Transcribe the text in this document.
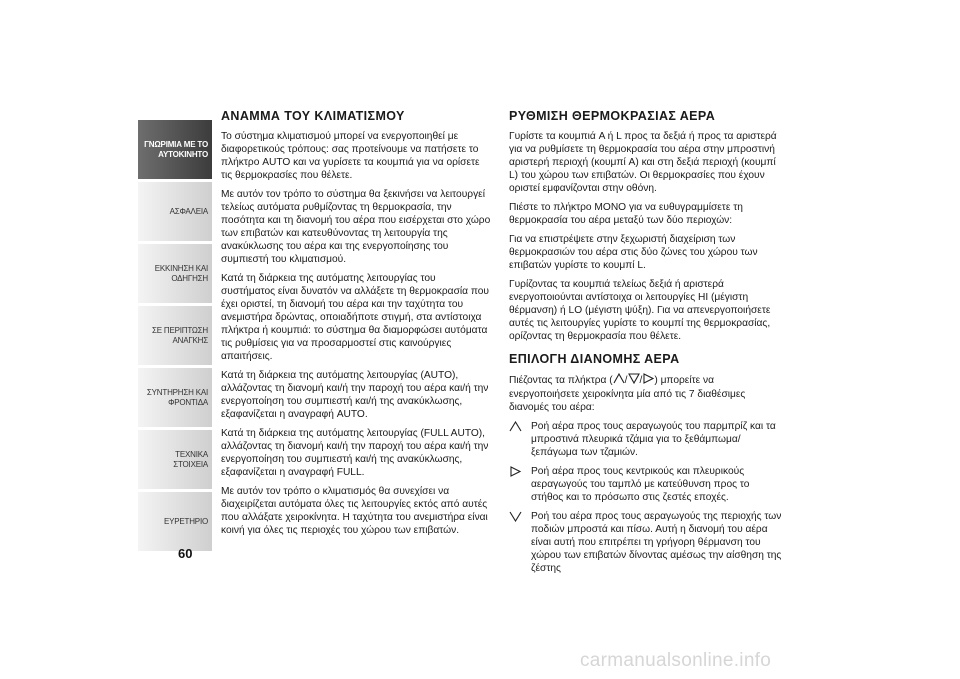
ΓΝΩΡΙΜΙΑ ΜΕ ΤΟ ΑΥΤΟΚΙΝΗΤΟ
ΑΣΦΑΛΕΙΑ
ΕΚΚΙΝΗΣΗ ΚΑΙ ΟΔΗΓΗΣΗ
ΣΕ ΠΕΡΙΠΤΩΣΗ ΑΝΑΓΚΗΣ
ΣΥΝΤΗΡΗΣΗ ΚΑΙ ΦΡΟΝΤΙΔΑ
ΤΕΧΝΙΚΑ ΣΤΟΙΧΕΙΑ
ΕΥΡΕΤΗΡΙΟ
60
ΑΝΑΜΜΑ ΤΟΥ ΚΛΙΜΑΤΙΣΜΟΥ

Το σύστημα κλιματισμού μπορεί να ενεργοποιηθεί με διαφορετικούς τρόπους: σας προτείνουμε να πατήσετε το πλήκτρο AUTO και να γυρίσετε τα κουμπιά για να ορίσετε τις θερμοκρασίες που θέλετε.

Με αυτόν τον τρόπο το σύστημα θα ξεκινήσει να λειτουργεί τελείως αυτόματα ρυθμίζοντας τη θερμοκρασία, την ποσότητα και τη διανομή του αέρα που εισέρχεται στο χώρο των επιβατών και κατευθύνοντας τη λειτουργία της ανακύκλωσης του αέρα και της ενεργοποίησης του συμπιεστή του κλιματισμού.

Κατά τη διάρκεια της αυτόματης λειτουργίας του συστήματος είναι δυνατόν να αλλάξετε τη θερμοκρασία που έχει οριστεί, τη διανομή του αέρα και την ταχύτητα του ανεμιστήρα δρώντας, οποιαδήποτε στιγμή, στα αντίστοιχα πλήκτρα ή κουμπιά: το σύστημα θα διαμορφώσει αυτόματα τις ρυθμίσεις για να προσαρμοστεί στις καινούργιες απαιτήσεις.

Κατά τη διάρκεια της αυτόματης λειτουργίας (AUTO), αλλάζοντας τη διανομή και/ή την παροχή του αέρα και/ή την ενεργοποίηση του συμπιεστή και/ή της ανακύκλωσης, εξαφανίζεται η αναγραφή AUTO.

Κατά τη διάρκεια της αυτόματης λειτουργίας (FULL AUTO), αλλάζοντας τη διανομή και/ή την παροχή του αέρα και/ή την ενεργοποίηση του συμπιεστή και/ή της ανακύκλωσης, εξαφανίζεται η αναγραφή FULL.

Με αυτόν τον τρόπο ο κλιματισμός θα συνεχίσει να διαχειρίζεται αυτόματα όλες τις λειτουργίες εκτός από αυτές που αλλάξατε χειροκίνητα. Η ταχύτητα του ανεμιστήρα είναι κοινή για όλες τις περιοχές του χώρου των επιβατών.

ΡΥΘΜΙΣΗ ΘΕΡΜΟΚΡΑΣΙΑΣ ΑΕΡΑ

Γυρίστε τα κουμπιά A ή L προς τα δεξιά ή προς τα αριστερά για να ρυθμίσετε τη θερμοκρασία του αέρα στην μπροστινή αριστερή περιοχή (κουμπί A) και στη δεξιά περιοχή (κουμπί L) του χώρου των επιβατών. Οι θερμοκρασίες που έχουν οριστεί εμφανίζονται στην οθόνη.

Πιέστε το πλήκτρο MONO για να ευθυγραμμίσετε τη θερμοκρασία του αέρα μεταξύ των δύο περιοχών:

Για να επιστρέψετε στην ξεχωριστή διαχείριση των θερμοκρασιών του αέρα στις δύο ζώνες του χώρου των επιβατών γυρίστε το κουμπί L.

Γυρίζοντας τα κουμπιά τελείως δεξιά ή αριστερά ενεργοποιούνται αντίστοιχα οι λειτουργίες HI (μέγιστη θέρμανση) ή LO (μέγιστη ψύξη). Για να απενεργοποιήσετε αυτές τις λειτουργίες γυρίστε το κουμπί της θερμοκρασίας, ορίζοντας τη θερμοκρασία που θέλετε.

ΕΠΙΛΟΓΗ ΔΙΑΝΟΜΗΣ ΑΕΡΑ

Πιέζοντας τα πλήκτρα ( / / ) μπορείτε να ενεργοποιήσετε χειροκίνητα μία από τις 7 διαθέσιμες διανομές του αέρα:

Ροή αέρα προς τους αεραγωγούς του παρμπρίζ και τα μπροστινά πλευρικά τζάμια για το ξεθάμπωμα/ξεπάγωμα των τζαμιών.
Ροή αέρα προς τους κεντρικούς και πλευρικούς αεραγωγούς του ταμπλό με κατεύθυνση προς το στήθος και το πρόσωπο στις ζεστές εποχές.
Ροή του αέρα προς τους αεραγωγούς της περιοχής των ποδιών μπροστά και πίσω. Αυτή η διανομή του αέρα είναι αυτή που επιτρέπει τη γρήγορη θέρμανση του χώρου των επιβατών δίνοντας αμέσως την αίσθηση της ζέστης
carmanualsonline.info
